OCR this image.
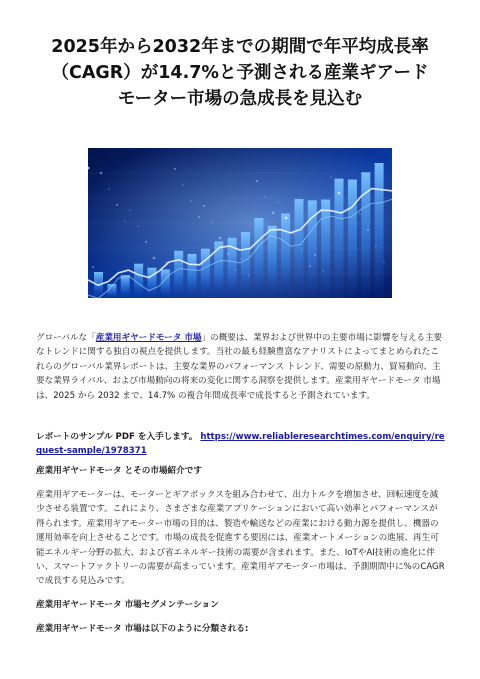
2025年から2032年までの期間で年平均成長率
（CAGR）が14.7%と予測される産業ギアード
モーター市場の急成長を見込む

グローバルな「産業用ギヤードモータ 市場」の概要は、業界および世界中の主要市場に影響を与える主要なトレンドに関する独自の視点を提供します。当社の最も経験豊富なアナリストによってまとめられたこれらのグローバル業界レポートは、主要な業界のパフォーマンス トレンド、需要の原動力、貿易動向、主要な業界ライバル、および市場動向の将来の変化に関する洞察を提供します。産業用ギヤードモータ 市場は、2025 から 2032 まで、14.7% の複合年間成長率で成長すると予測されています。

レポートのサンプル PDF を入手します。 https://www.reliableresearchtimes.com/enquiry/request-sample/1978371

産業用ギヤードモータ とその市場紹介です
産業用ギアモーターは、モーターとギアボックスを組み合わせて、出力トルクを増加させ、回転速度を減少させる装置です。これにより、さまざまな産業アプリケーションにおいて高い効率とパフォーマンスが得られます。産業用ギアモーター市場の目的は、製造や輸送などの産業における動力源を提供し、機器の運用効率を向上させることです。市場の成長を促進する要因には、産業オートメーションの進展、再生可能エネルギー分野の拡大、および省エネルギー技術の需要が含まれます。また、IoTやAI技術の進化に伴い、スマートファクトリーの需要が高まっています。産業用ギアモーター市場は、予測期間中に%のCAGRで成長する見込みです。
産業用ギヤードモータ 市場セグメンテーション
産業用ギヤードモータ 市場は以下のように分類される:
